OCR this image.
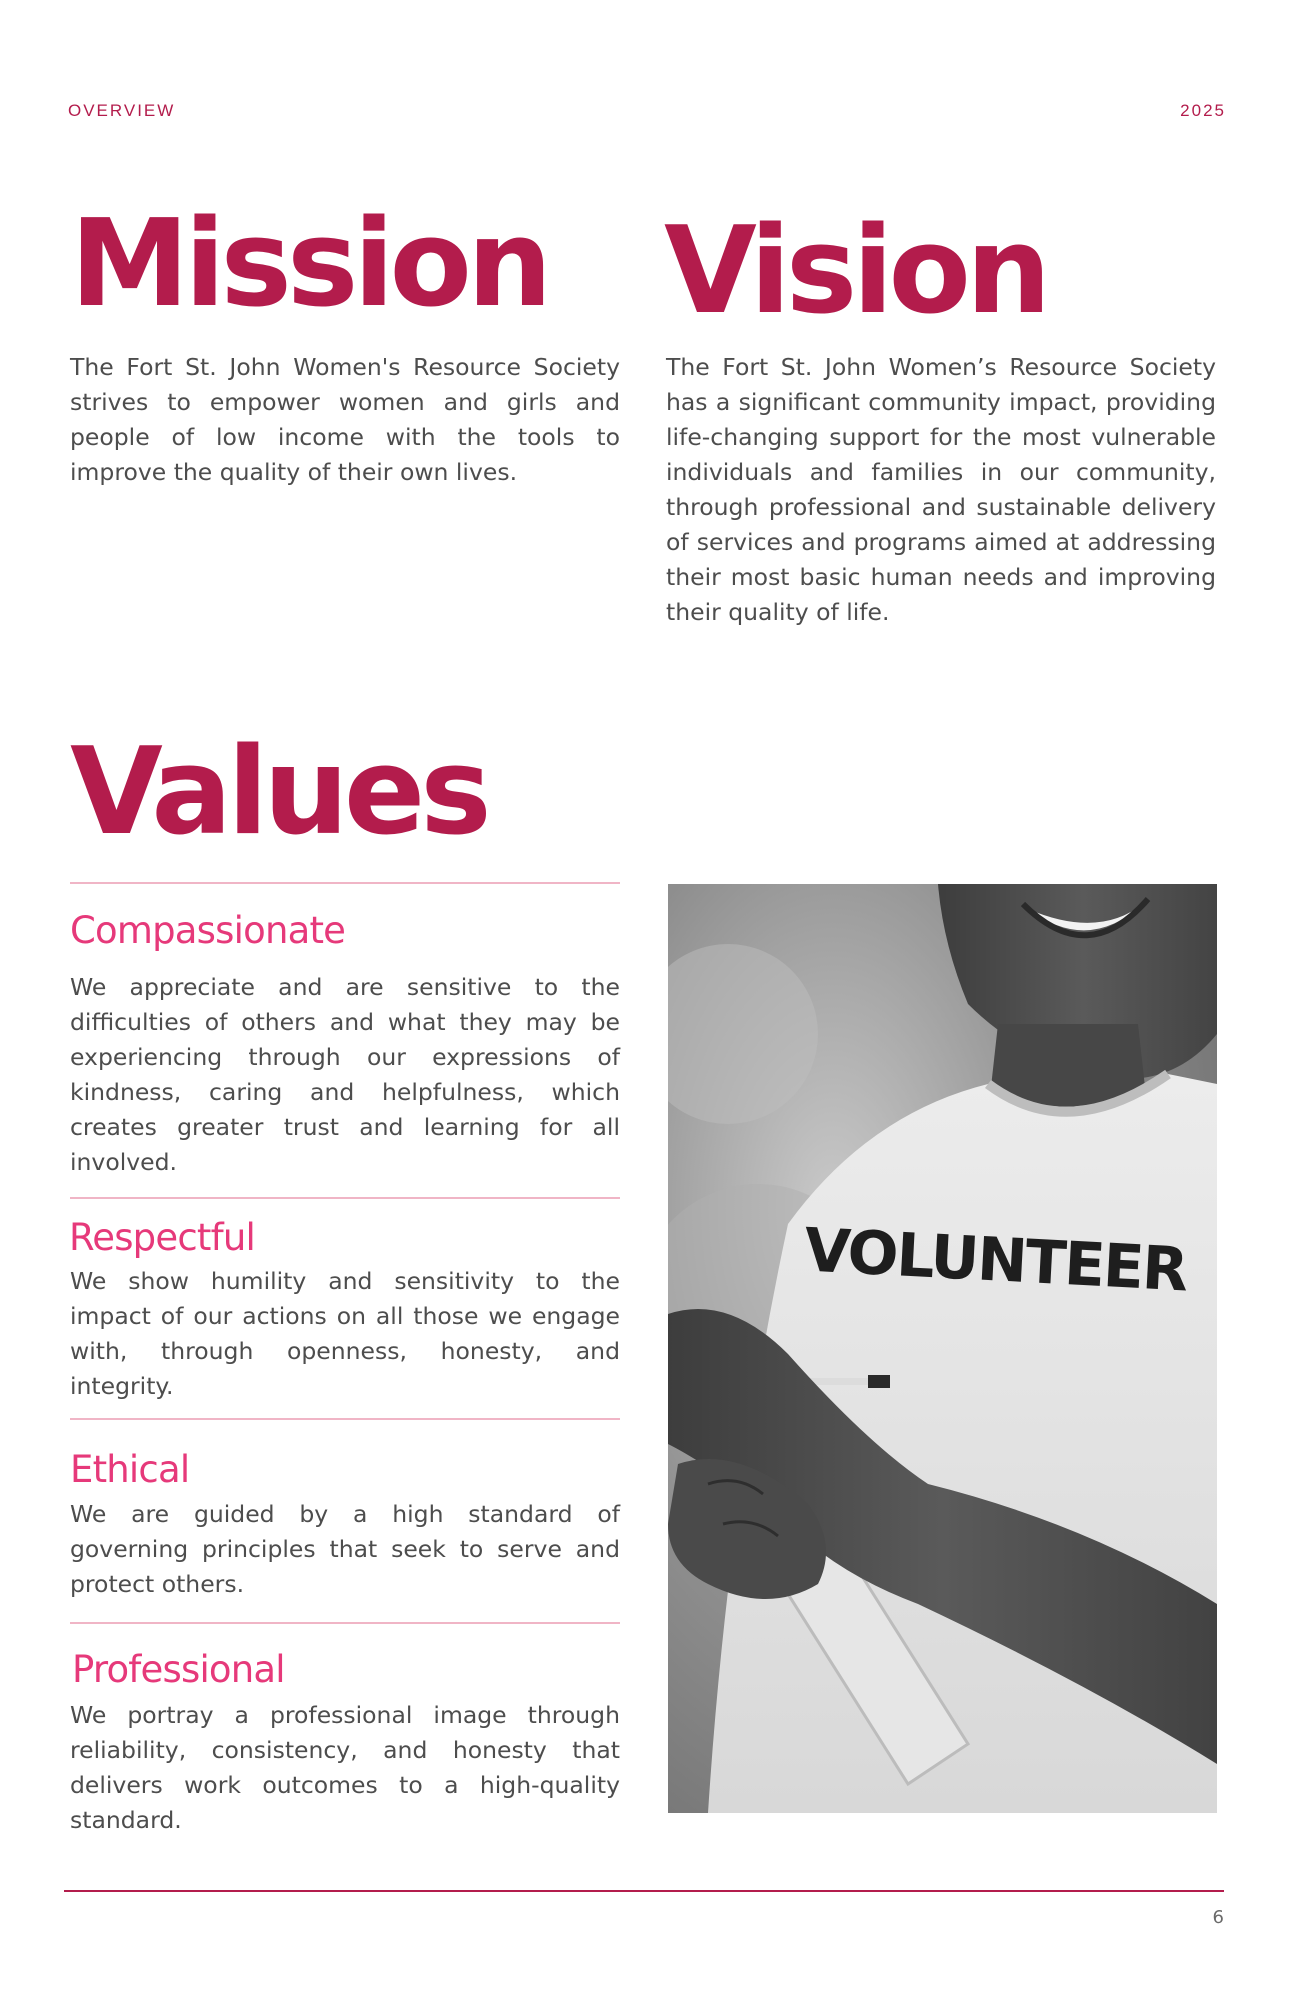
OVERVIEW	2025
Mission

The Fort St. John Women's Resource Society strives to empower women and girls and people of low income with the tools to improve the quality of their own lives.

Vision

The Fort St. John Women’s Resource Society has a significant community impact, providing life-changing support for the most vulnerable individuals and families in our community, through professional and sustainable delivery of services and programs aimed at addressing their most basic human needs and improving their quality of life.

Values
Compassionate

We appreciate and are sensitive to the difficulties of others and what they may be experiencing through our expressions of kindness, caring and helpfulness, which creates greater trust and learning for all involved.

Respectful

We show humility and sensitivity to the impact of our actions on all those we engage with, through openness, honesty, and integrity.

Ethical

We are guided by a high standard of governing principles that seek to serve and protect others.

Professional

We portray a professional image through reliability, consistency, and honesty that delivers work outcomes to a high-quality standard.

VOLUNTEER
6
